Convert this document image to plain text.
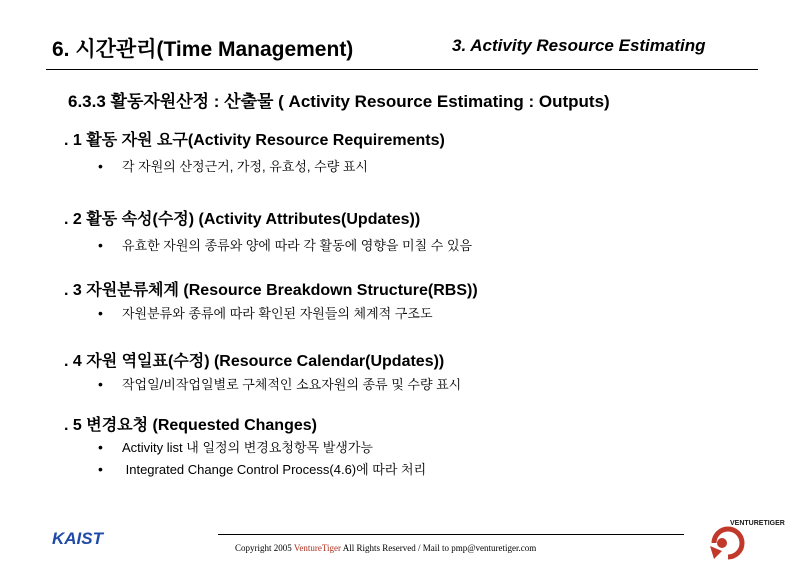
6. 시간관리(Time Management)	3. Activity Resource Estimating
6.3.3 활동자원산정 : 산출물 ( Activity Resource Estimating : Outputs)
. 1 활동 자원 요구(Activity Resource Requirements)
• 각 자원의 산정근거, 가정, 유효성, 수량 표시
. 2 활동 속성(수정) (Activity Attributes(Updates))
• 유효한 자원의 종류와 양에 따라 각 활동에 영향을 미칠 수 있음
. 3 자원분류체계 (Resource Breakdown Structure(RBS))
• 자원분류와 종류에 따라 확인된 자원들의 체계적 구조도
. 4 자원 역일표(수정) (Resource Calendar(Updates))
• 작업일/비작업일별로 구체적인 소요자원의 종류 및 수량 표시
. 5 변경요청 (Requested Changes)
• Activity list 내 일정의 변경요청항목 발생가능
• Integrated Change Control Process(4.6)에 따라 처리
Copyright 2005 VentureTiger All Rights Reserved / Mail to pmp@venturetiger.com
KAIST
VENTURETIGER
